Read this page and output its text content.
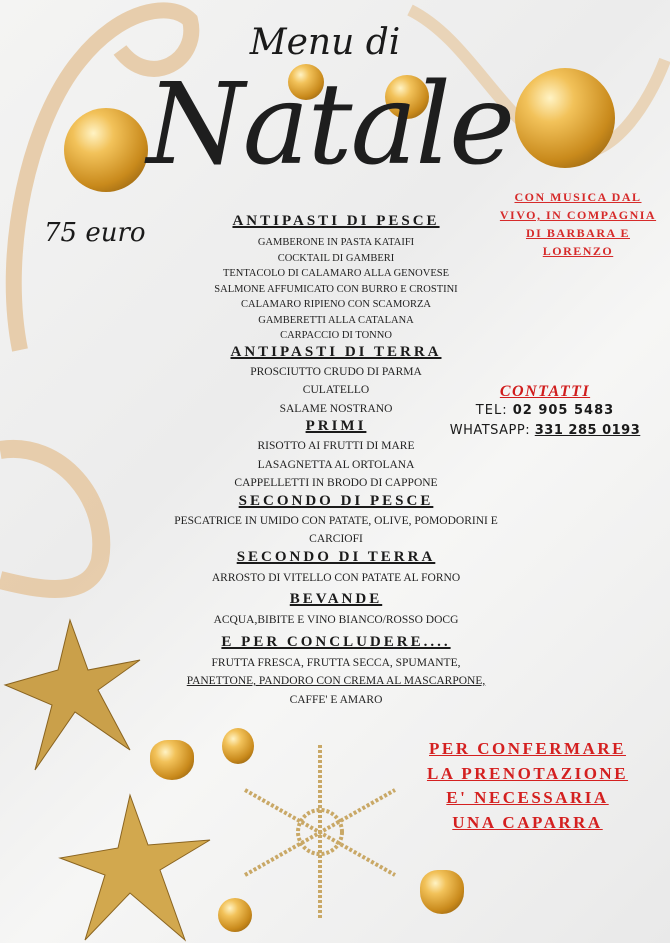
Menu di
Natale
75 euro
CON MUSICA DAL
VIVO, IN COMPAGNIA
DI BARBARA E
LORENZO
CONTATTI
TEL: 02 905 5483
WHATSAPP: 331 285 0193
ANTIPASTI DI PESCE
GAMBERONE IN PASTA KATAIFI
COCKTAIL DI GAMBERI
TENTACOLO DI CALAMARO ALLA GENOVESE
SALMONE AFFUMICATO CON BURRO E CROSTINI
CALAMARO RIPIENO CON SCAMORZA
GAMBERETTI ALLA CATALANA
CARPACCIO DI TONNO
ANTIPASTI DI TERRA
PROSCIUTTO CRUDO DI PARMA
CULATELLO
SALAME NOSTRANO
PRIMI
RISOTTO AI FRUTTI DI MARE
LASAGNETTA AL ORTOLANA
CAPPELLETTI IN BRODO DI CAPPONE
SECONDO DI PESCE
PESCATRICE IN UMIDO CON PATATE, OLIVE, POMODORINI E
CARCIOFI
SECONDO DI TERRA
ARROSTO DI VITELLO CON PATATE AL FORNO
BEVANDE
ACQUA,BIBITE E VINO BIANCO/ROSSO DOCG
E PER CONCLUDERE....
FRUTTA FRESCA, FRUTTA SECCA, SPUMANTE,
PANETTONE, PANDORO CON CREMA AL MASCARPONE,
CAFFE' E AMARO
PER CONFERMARE
LA PRENOTAZIONE
E' NECESSARIA
UNA CAPARRA
